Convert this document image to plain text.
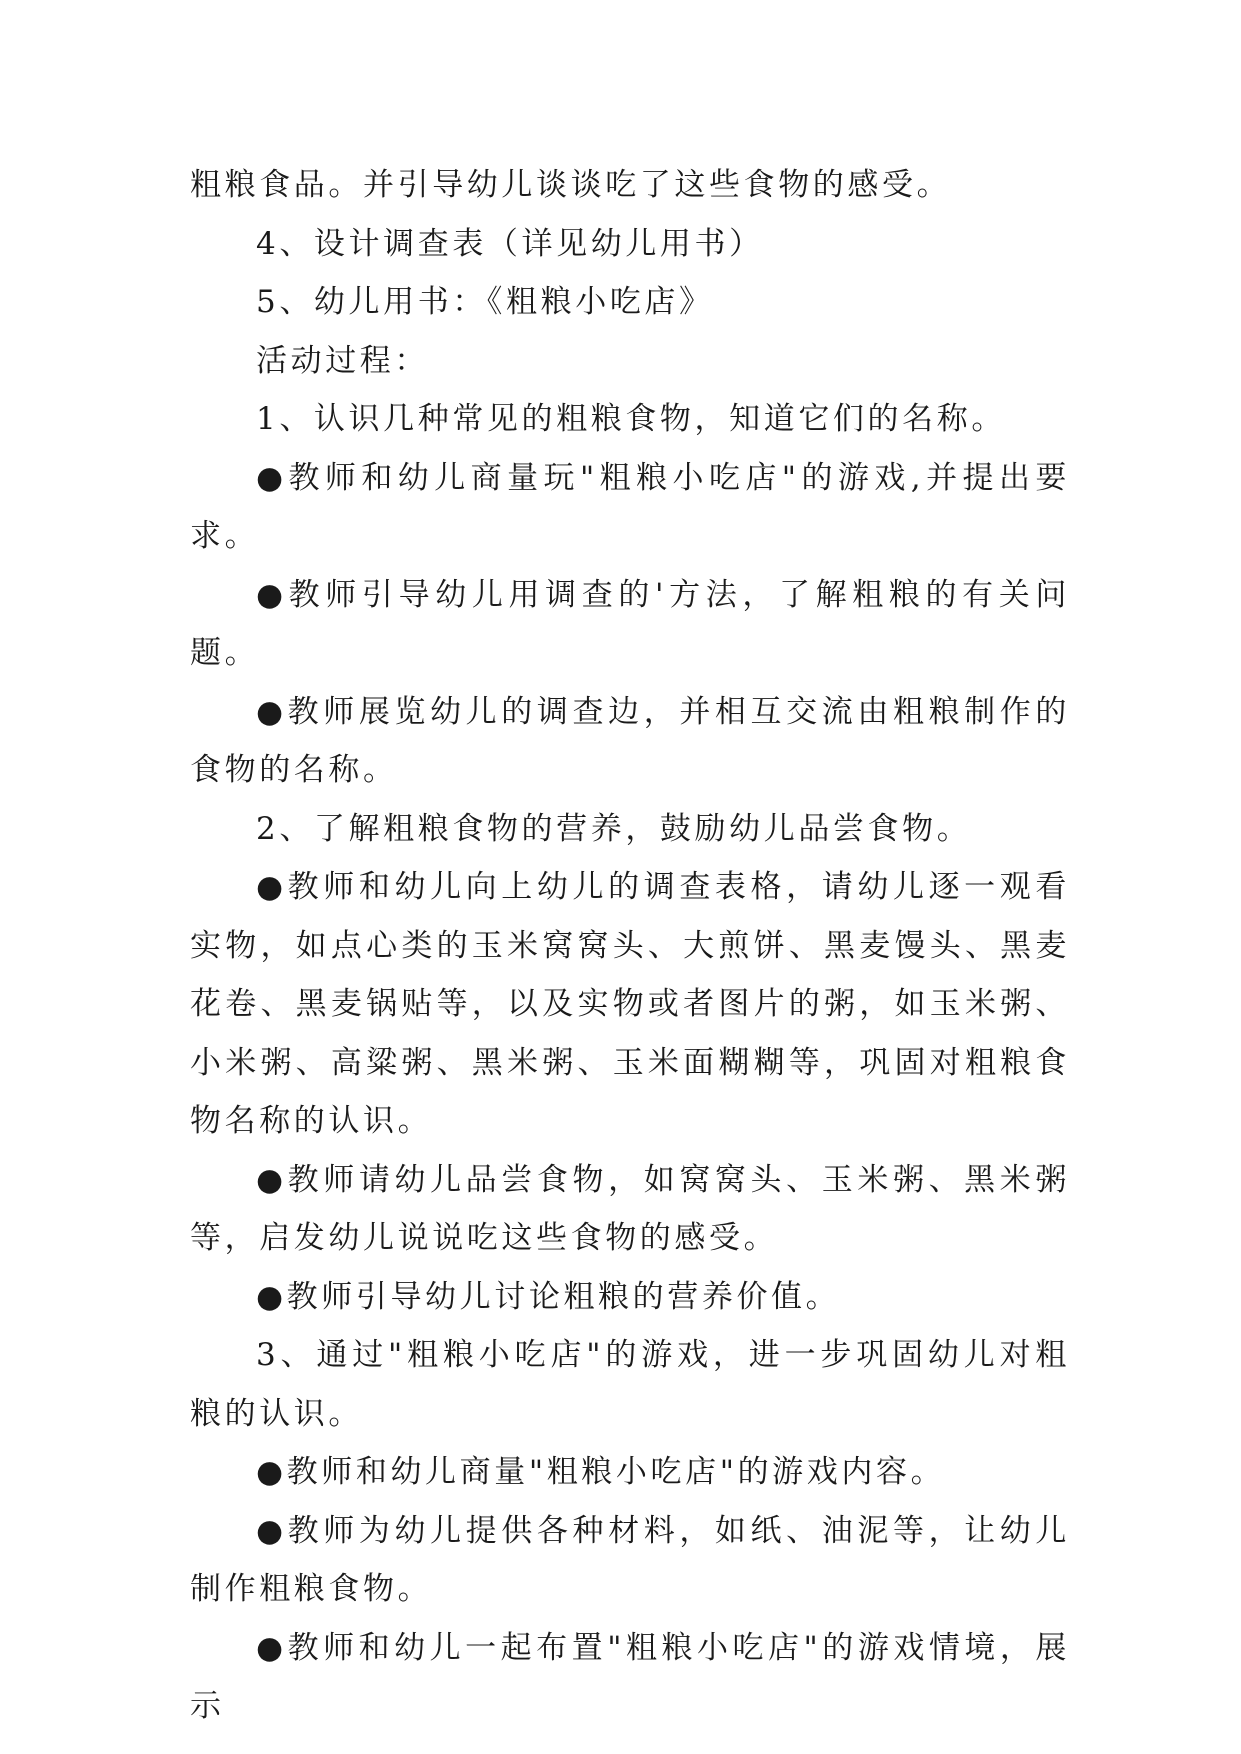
粗粮食品。并引导幼儿谈谈吃了这些食物的感受。

4、设计调查表（详见幼儿用书）

5、幼儿用书：《粗粮小吃店》

活动过程：

1、认识几种常见的粗粮食物，知道它们的名称。

●教师和幼儿商量玩"粗粮小吃店"的游戏,并提出要求。

●教师引导幼儿用调查的'方法，了解粗粮的有关问题。

●教师展览幼儿的调查边，并相互交流由粗粮制作的食物的名称。

2、了解粗粮食物的营养，鼓励幼儿品尝食物。

●教师和幼儿向上幼儿的调查表格，请幼儿逐一观看实物，如点心类的玉米窝窝头、大煎饼、黑麦馒头、黑麦花卷、黑麦锅贴等，以及实物或者图片的粥，如玉米粥、小米粥、高粱粥、黑米粥、玉米面糊糊等，巩固对粗粮食物名称的认识。

●教师请幼儿品尝食物，如窝窝头、玉米粥、黑米粥等，启发幼儿说说吃这些食物的感受。

●教师引导幼儿讨论粗粮的营养价值。

3、通过"粗粮小吃店"的游戏，进一步巩固幼儿对粗粮的认识。

●教师和幼儿商量"粗粮小吃店"的游戏内容。

●教师为幼儿提供各种材料，如纸、油泥等，让幼儿制作粗粮食物。

●教师和幼儿一起布置"粗粮小吃店"的游戏情境，展示
